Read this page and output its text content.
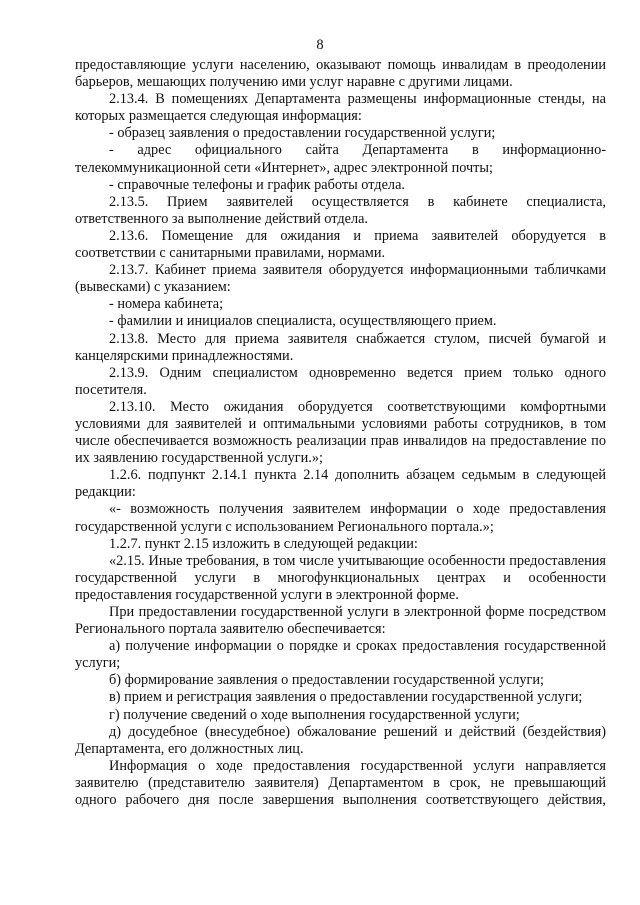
8

предоставляющие услуги населению, оказывают помощь инвалидам в преодолении барьеров, мешающих получению ими услуг наравне с другими лицами.

2.13.4. В помещениях Департамента размещены информационные стенды, на которых размещается следующая информация:

- образец заявления о предоставлении государственной услуги;

- адрес официального сайта Департамента в информационно-телекоммуникационной сети «Интернет», адрес электронной почты;

- справочные телефоны и график работы отдела.

2.13.5. Прием заявителей осуществляется в кабинете специалиста, ответственного за выполнение действий отдела.

2.13.6. Помещение для ожидания и приема заявителей оборудуется в соответствии с санитарными правилами, нормами.

2.13.7. Кабинет приема заявителя оборудуется информационными табличками (вывесками) с указанием:

- номера кабинета;

- фамилии и инициалов специалиста, осуществляющего прием.

2.13.8. Место для приема заявителя снабжается стулом, писчей бумагой и канцелярскими принадлежностями.

2.13.9. Одним специалистом одновременно ведется прием только одного посетителя.

2.13.10. Место ожидания оборудуется соответствующими комфортными условиями для заявителей и оптимальными условиями работы сотрудников, в том числе обеспечивается возможность реализации прав инвалидов на предоставление по их заявлению государственной услуги.»;

1.2.6. подпункт 2.14.1 пункта 2.14 дополнить абзацем седьмым в следующей редакции:

«- возможность получения заявителем информации о ходе предоставления государственной услуги с использованием Регионального портала.»;

1.2.7. пункт 2.15 изложить в следующей редакции:

«2.15. Иные требования, в том числе учитывающие особенности предоставления государственной услуги в многофункциональных центрах и особенности предоставления государственной услуги в электронной форме.

При предоставлении государственной услуги в электронной форме посредством Регионального портала заявителю обеспечивается:

а) получение информации о порядке и сроках предоставления государственной услуги;

б) формирование заявления о предоставлении государственной услуги;

в) прием и регистрация заявления о предоставлении государственной услуги;

г) получение сведений о ходе выполнения государственной услуги;

д) досудебное (внесудебное) обжалование решений и действий (бездействия) Департамента, его должностных лиц.

Информация о ходе предоставления государственной услуги направляется заявителю (представителю заявителя) Департаментом в срок, не превышающий одного рабочего дня после завершения выполнения соответствующего действия,
